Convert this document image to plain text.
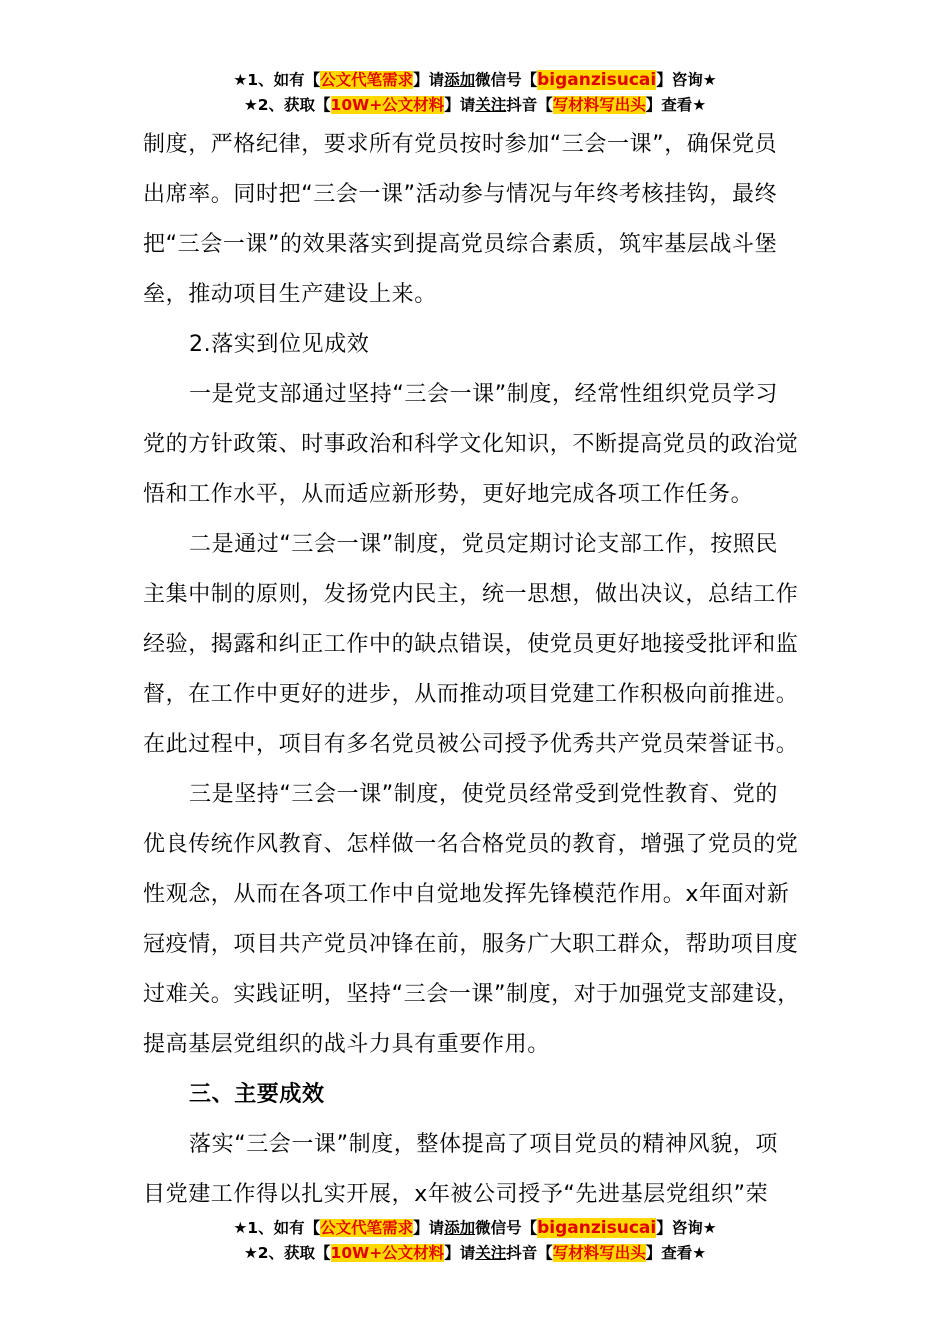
★1、如有【公文代笔需求】请添加微信号【biganzisucai】咨询★
★2、获取【10W+公文材料】请关注抖音【写材料写出头】查看★

制度，严格纪律，要求所有党员按时参加“三会一课”，确保党员
出席率。同时把“三会一课”活动参与情况与年终考核挂钩，最终
把“三会一课”的效果落实到提高党员综合素质，筑牢基层战斗堡
垒，推动项目生产建设上来。

2.落实到位见成效

一是党支部通过坚持“三会一课”制度，经常性组织党员学习
党的方针政策、时事政治和科学文化知识，不断提高党员的政治觉
悟和工作水平，从而适应新形势，更好地完成各项工作任务。

二是通过“三会一课”制度，党员定期讨论支部工作，按照民
主集中制的原则，发扬党内民主，统一思想，做出决议，总结工作
经验，揭露和纠正工作中的缺点错误，使党员更好地接受批评和监
督，在工作中更好的进步，从而推动项目党建工作积极向前推进。
在此过程中，项目有多名党员被公司授予优秀共产党员荣誉证书。

三是坚持“三会一课”制度，使党员经常受到党性教育、党的
优良传统作风教育、怎样做一名合格党员的教育，增强了党员的党
性观念，从而在各项工作中自觉地发挥先锋模范作用。x年面对新
冠疫情，项目共产党员冲锋在前，服务广大职工群众，帮助项目度
过难关。实践证明，坚持“三会一课”制度，对于加强党支部建设，
提高基层党组织的战斗力具有重要作用。

三、主要成效

落实“三会一课”制度，整体提高了项目党员的精神风貌，项
目党建工作得以扎实开展，x年被公司授予“先进基层党组织”荣

★1、如有【公文代笔需求】请添加微信号【biganzisucai】咨询★
★2、获取【10W+公文材料】请关注抖音【写材料写出头】查看★
